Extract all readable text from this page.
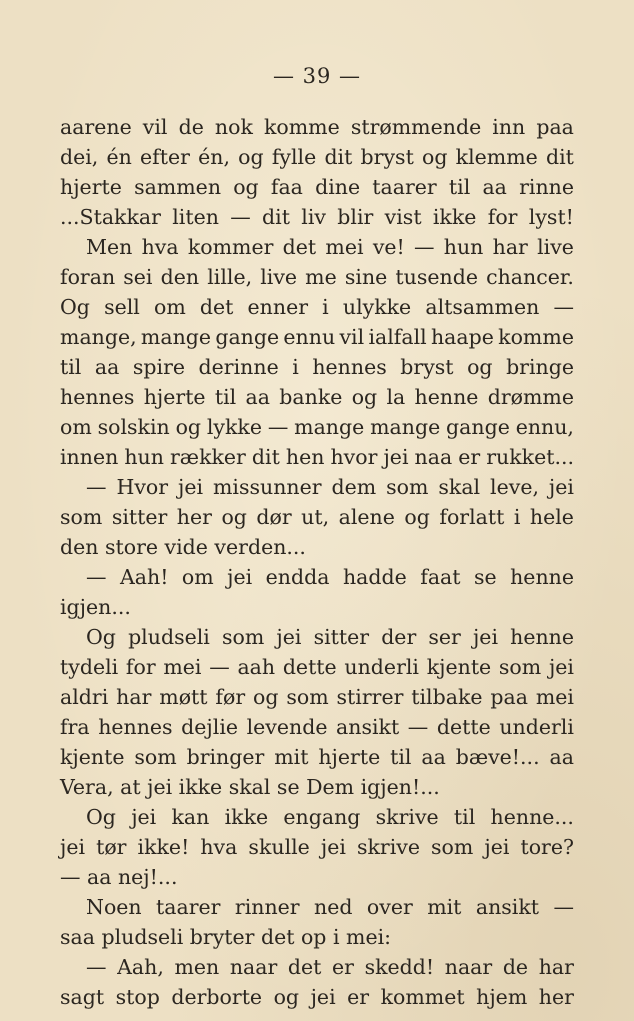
— 39 —
aarene vil de nok komme strømmende inn paa
dei, én efter én, og fylle dit bryst og klemme dit
hjerte sammen og faa dine taarer til aa rinne
...Stakkar liten — dit liv blir vist ikke for lyst!
Men hva kommer det mei ve! — hun har live
foran sei den lille, live me sine tusende chancer.
Og sell om det enner i ulykke altsammen —
mange, mange gange ennu vil ialfall haape komme
til aa spire derinne i hennes bryst og bringe
hennes hjerte til aa banke og la henne drømme
om solskin og lykke — mange mange gange ennu,
innen hun rækker dit hen hvor jei naa er rukket...
— Hvor jei missunner dem som skal leve, jei
som sitter her og dør ut, alene og forlatt i hele
den store vide verden...
— Aah! om jei endda hadde faat se henne
igjen...
Og pludseli som jei sitter der ser jei henne
tydeli for mei — aah dette underli kjente som jei
aldri har møtt før og som stirrer tilbake paa mei
fra hennes dejlie levende ansikt — dette underli
kjente som bringer mit hjerte til aa bæve!... aa
Vera, at jei ikke skal se Dem igjen!...
Og jei kan ikke engang skrive til henne...
jei tør ikke! hva skulle jei skrive som jei tore?
— aa nej!...
Noen taarer rinner ned over mit ansikt —
saa pludseli bryter det op i mei:
— Aah, men naar det er skedd! naar de har
sagt stop derborte og jei er kommet hjem her
